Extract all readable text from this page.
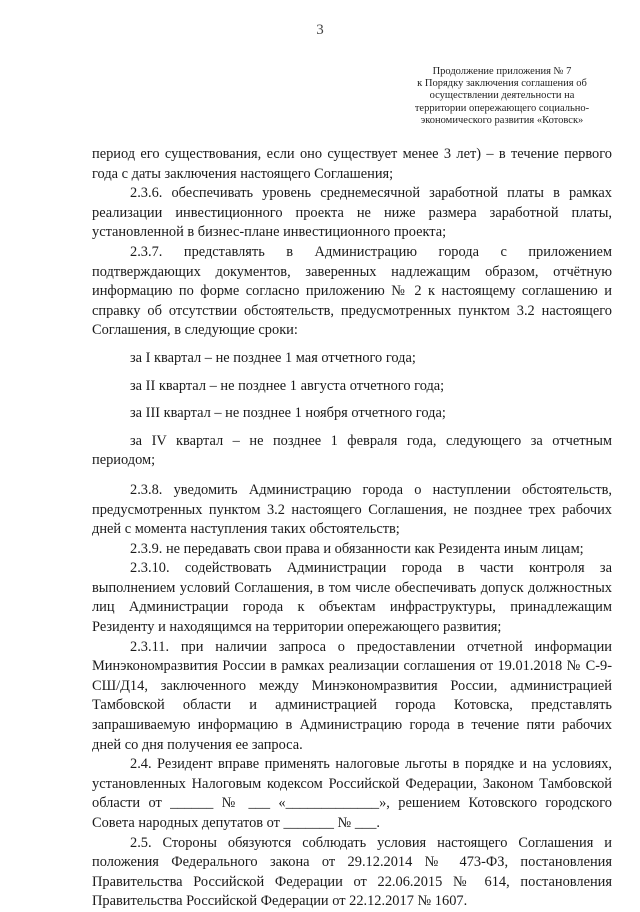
3
Продолжение приложения № 7
к Порядку заключения соглашения об
осуществлении деятельности на
территории опережающего социально-
экономического развития «Котовск»

период его существования, если оно существует менее 3 лет) – в течение первого года с даты заключения настоящего Соглашения;

2.3.6. обеспечивать уровень среднемесячной заработной платы в рамках реализации инвестиционного проекта не ниже размера заработной платы, установленной в бизнес-плане инвестиционного проекта;

2.3.7. представлять в Администрацию города с приложением подтверждающих документов, заверенных надлежащим образом, отчётную информацию по форме согласно приложению № 2 к настоящему соглашению и справку об отсутствии обстоятельств, предусмотренных пунктом 3.2 настоящего Соглашения, в следующие сроки:

за I квартал – не позднее 1 мая отчетного года;

за II квартал – не позднее 1 августа отчетного года;

за III квартал – не позднее 1 ноября отчетного года;

за IV квартал – не позднее 1 февраля года, следующего за отчетным периодом;

2.3.8. уведомить Администрацию города о наступлении обстоятельств, предусмотренных пунктом 3.2 настоящего Соглашения, не позднее трех рабочих дней с момента наступления таких обстоятельств;

2.3.9. не передавать свои права и обязанности как Резидента иным лицам;

2.3.10. содействовать Администрации города в части контроля за выполнением условий Соглашения, в том числе обеспечивать допуск должностных лиц Администрации города к объектам инфраструктуры, принадлежащим Резиденту и находящимся на территории опережающего развития;

2.3.11. при наличии запроса о предоставлении отчетной информации Минэкономразвития России в рамках реализации соглашения от 19.01.2018 № С-9-СШ/Д14, заключенного между Минэкономразвития России, администрацией Тамбовской области и администрацией города Котовска, представлять запрашиваемую информацию в Администрацию города в течение пяти рабочих дней со дня получения ее запроса.

2.4. Резидент вправе применять налоговые льготы в порядке и на условиях, установленных Налоговым кодексом Российской Федерации, Законом Тамбовской области от ______ № ___ «_____________», решением Котовского городского Совета народных депутатов от _______ № ___.

2.5. Стороны обязуются соблюдать условия настоящего Соглашения и положения Федерального закона от 29.12.2014 № 473-ФЗ, постановления Правительства Российской Федерации от 22.06.2015 № 614, постановления Правительства Российской Федерации от 22.12.2017 № 1607.
